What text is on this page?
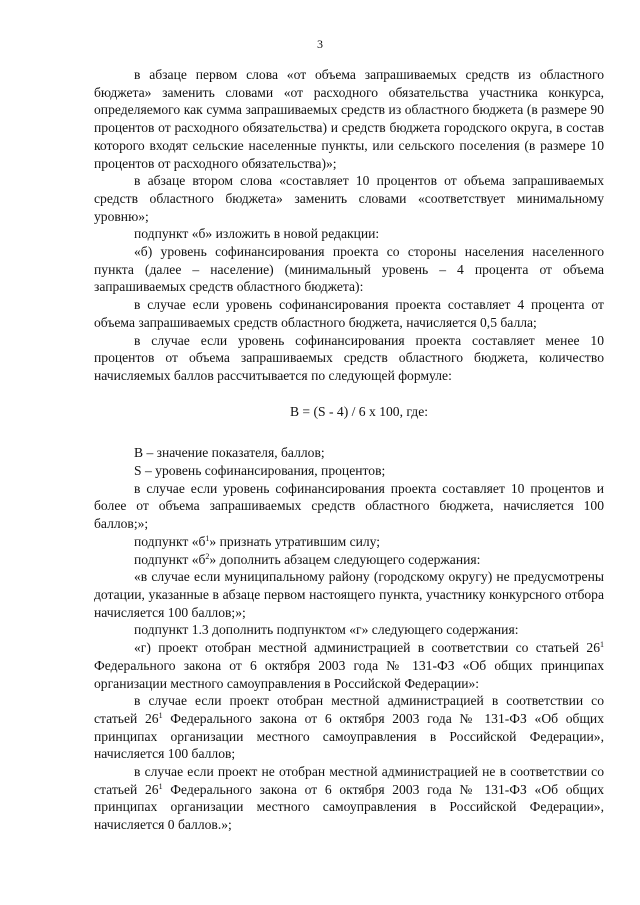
3

в абзаце первом слова «от объема запрашиваемых средств из областного бюджета» заменить словами «от расходного обязательства участника конкурса, определяемого как сумма запрашиваемых средств из областного бюджета (в размере 90 процентов от расходного обязательства) и средств бюджета городского округа, в состав которого входят сельские населенные пункты, или сельского поселения (в размере 10 процентов от расходного обязательства)»;

в абзаце втором слова «составляет 10 процентов от объема запрашиваемых средств областного бюджета» заменить словами «соответствует минимальному уровню»;

подпункт «б» изложить в новой редакции:

«б) уровень софинансирования проекта со стороны населения населенного пункта (далее – население) (минимальный уровень – 4 процента от объема запрашиваемых средств областного бюджета):

в случае если уровень софинансирования проекта составляет 4 процента от объема запрашиваемых средств областного бюджета, начисляется 0,5 балла;

в случае если уровень софинансирования проекта составляет менее 10 процентов от объема запрашиваемых средств областного бюджета, количество начисляемых баллов рассчитывается по следующей формуле:

B = (S - 4) / 6 x 100, где:

B – значение показателя, баллов;

S – уровень софинансирования, процентов;

в случае если уровень софинансирования проекта составляет 10 процентов и более от объема запрашиваемых средств областного бюджета, начисляется 100 баллов;»;

подпункт «$б^1$» признать утратившим силу;

подпункт «$б^2$» дополнить абзацем следующего содержания:

«в случае если муниципальному району (городскому округу) не предусмотрены дотации, указанные в абзаце первом настоящего пункта, участнику конкурсного отбора начисляется 100 баллов;»;

подпункт 1.3 дополнить подпунктом «г» следующего содержания:

«г) проект отобран местной администрацией в соответствии со статьей $26^1$ Федерального закона от 6 октября 2003 года № 131-ФЗ «Об общих принципах организации местного самоуправления в Российской Федерации»:

в случае если проект отобран местной администрацией в соответствии со статьей $26^1$ Федерального закона от 6 октября 2003 года № 131-ФЗ «Об общих принципах организации местного самоуправления в Российской Федерации», начисляется 100 баллов;

в случае если проект не отобран местной администрацией не в соответствии со статьей $26^1$ Федерального закона от 6 октября 2003 года № 131-ФЗ «Об общих принципах организации местного самоуправления в Российской Федерации», начисляется 0 баллов.»;
